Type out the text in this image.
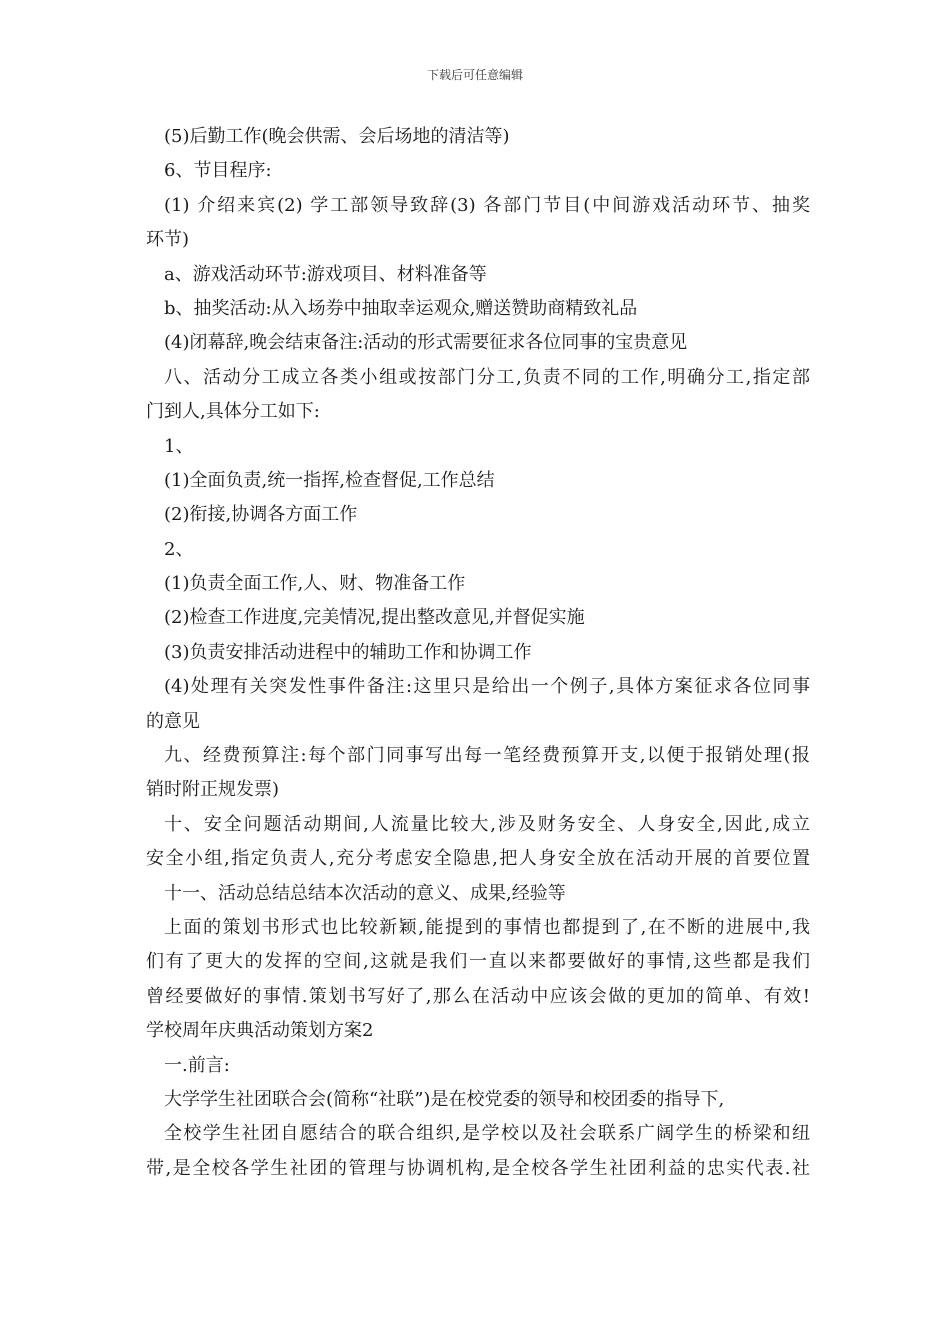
下载后可任意编辑
(5)后勤工作(晚会供需、会后场地的清洁等)
6、节目程序:
(1) 介绍来宾(2) 学工部领导致辞(3) 各部门节目(中间游戏活动环节、抽奖
环节)
a、游戏活动环节:游戏项目、材料准备等
b、抽奖活动:从入场券中抽取幸运观众,赠送赞助商精致礼品
(4)闭幕辞,晚会结束备注:活动的形式需要征求各位同事的宝贵意见
八、活动分工成立各类小组或按部门分工,负责不同的工作,明确分工,指定部
门到人,具体分工如下:
1、
(1)全面负责,统一指挥,检查督促,工作总结
(2)衔接,协调各方面工作
2、
(1)负责全面工作,人、财、物准备工作
(2)检查工作进度,完美情况,提出整改意见,并督促实施
(3)负责安排活动进程中的辅助工作和协调工作
(4)处理有关突发性事件备注:这里只是给出一个例子,具体方案征求各位同事
的意见
九、经费预算注:每个部门同事写出每一笔经费预算开支,以便于报销处理(报
销时附正规发票)
十、安全问题活动期间,人流量比较大,涉及财务安全、人身安全,因此,成立
安全小组,指定负责人,充分考虑安全隐患,把人身安全放在活动开展的首要位置
十一、活动总结总结本次活动的意义、成果,经验等
上面的策划书形式也比较新颖,能提到的事情也都提到了,在不断的进展中,我
们有了更大的发挥的空间,这就是我们一直以来都要做好的事情,这些都是我们
曾经要做好的事情.策划书写好了,那么在活动中应该会做的更加的简单、有效!
学校周年庆典活动策划方案2
一.前言:
大学学生社团联合会(简称“社联”)是在校党委的领导和校团委的指导下,
全校学生社团自愿结合的联合组织,是学校以及社会联系广阔学生的桥梁和纽
带,是全校各学生社团的管理与协调机构,是全校各学生社团利益的忠实代表.社
